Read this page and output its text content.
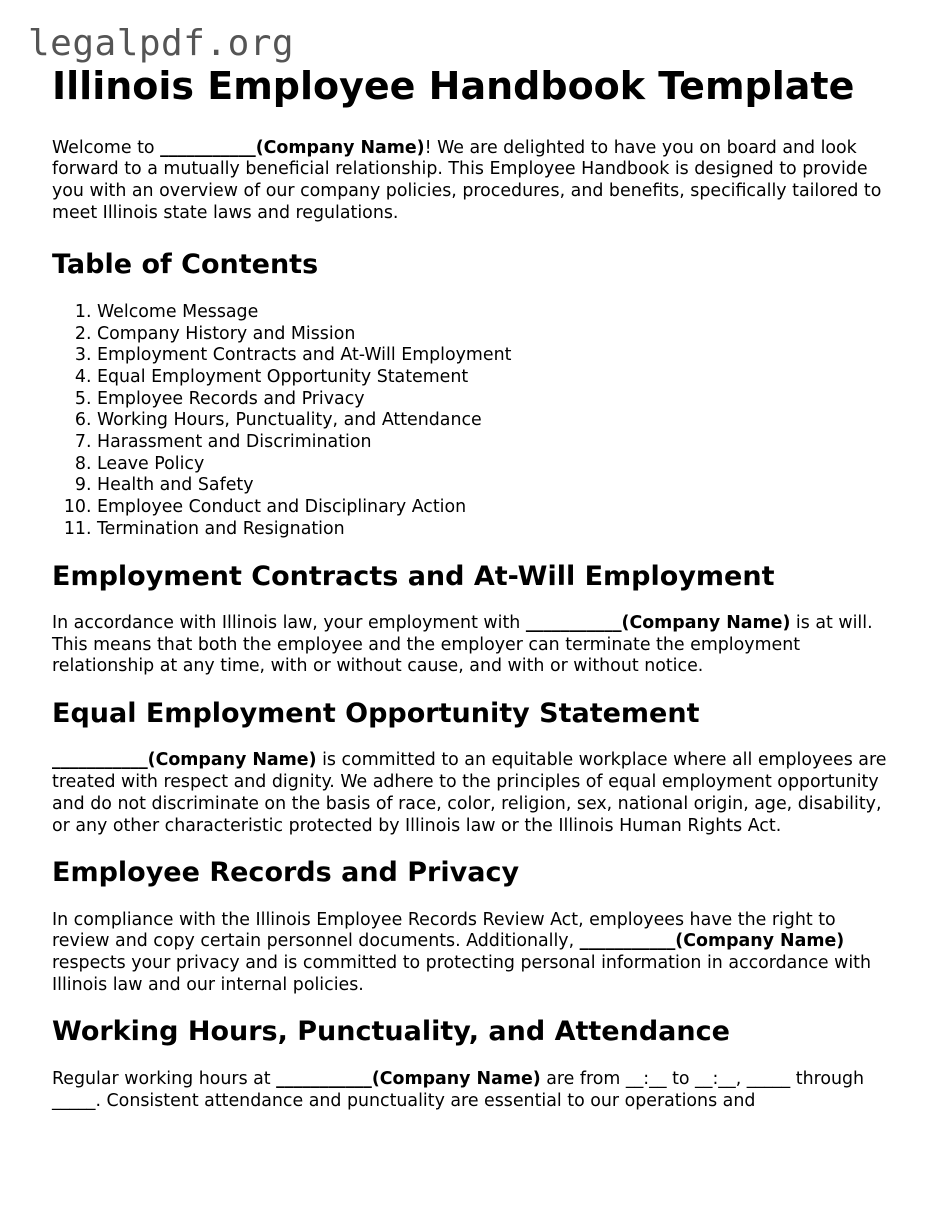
legalpdf.org
Illinois Employee Handbook Template

Welcome to ___________(Company Name)! We are delighted to have you on board and look forward to a mutually beneficial relationship. This Employee Handbook is designed to provide you with an overview of our company policies, procedures, and benefits, specifically tailored to meet Illinois state laws and regulations.

Table of Contents
1. Welcome Message
2. Company History and Mission
3. Employment Contracts and At-Will Employment
4. Equal Employment Opportunity Statement
5. Employee Records and Privacy
6. Working Hours, Punctuality, and Attendance
7. Harassment and Discrimination
8. Leave Policy
9. Health and Safety
10. Employee Conduct and Disciplinary Action
11. Termination and Resignation
Employment Contracts and At-Will Employment

In accordance with Illinois law, your employment with ___________(Company Name) is at will. This means that both the employee and the employer can terminate the employment relationship at any time, with or without cause, and with or without notice.

Equal Employment Opportunity Statement

___________(Company Name) is committed to an equitable workplace where all employees are treated with respect and dignity. We adhere to the principles of equal employment opportunity and do not discriminate on the basis of race, color, religion, sex, national origin, age, disability, or any other characteristic protected by Illinois law or the Illinois Human Rights Act.

Employee Records and Privacy

In compliance with the Illinois Employee Records Review Act, employees have the right to review and copy certain personnel documents. Additionally, ___________(Company Name) respects your privacy and is committed to protecting personal information in accordance with Illinois law and our internal policies.

Working Hours, Punctuality, and Attendance

Regular working hours at ___________(Company Name) are from __:__ to __:__, _____ through _____. Consistent attendance and punctuality are essential to our operations and
